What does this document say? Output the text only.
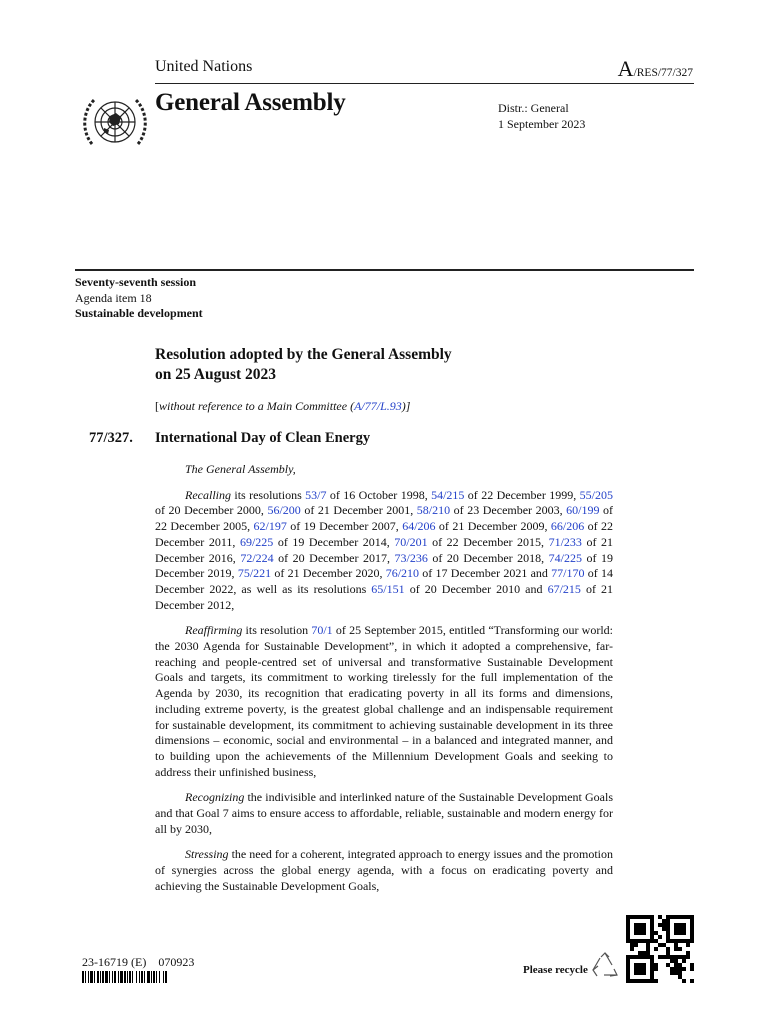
United Nations	A/RES/77/327
General Assembly	Distr.: General
1 September 2023
Seventy-seventh session
Agenda item 18
Sustainable development
Resolution adopted by the General Assembly
on 25 August 2023
[without reference to a Main Committee (A/77/L.93)]
77/327. International Day of Clean Energy

The General Assembly,

Recalling its resolutions 53/7 of 16 October 1998, 54/215 of 22 December 1999, 55/205 of 20 December 2000, 56/200 of 21 December 2001, 58/210 of 23 December 2003, 60/199 of 22 December 2005, 62/197 of 19 December 2007, 64/206 of 21 December 2009, 66/206 of 22 December 2011, 69/225 of 19 December 2014, 70/201 of 22 December 2015, 71/233 of 21 December 2016, 72/224 of 20 December 2017, 73/236 of 20 December 2018, 74/225 of 19 December 2019, 75/221 of 21 December 2020, 76/210 of 17 December 2021 and 77/170 of 14 December 2022, as well as its resolutions 65/151 of 20 December 2010 and 67/215 of 21 December 2012,

Reaffirming its resolution 70/1 of 25 September 2015, entitled “Transforming our world: the 2030 Agenda for Sustainable Development”, in which it adopted a comprehensive, far-reaching and people-centred set of universal and transformative Sustainable Development Goals and targets, its commitment to working tirelessly for the full implementation of the Agenda by 2030, its recognition that eradicating poverty in all its forms and dimensions, including extreme poverty, is the greatest global challenge and an indispensable requirement for sustainable development, its commitment to achieving sustainable development in its three dimensions – economic, social and environmental – in a balanced and integrated manner, and to building upon the achievements of the Millennium Development Goals and seeking to address their unfinished business,

Recognizing the indivisible and interlinked nature of the Sustainable Development Goals and that Goal 7 aims to ensure access to affordable, reliable, sustainable and modern energy for all by 2030,

Stressing the need for a coherent, integrated approach to energy issues and the promotion of synergies across the global energy agenda, with a focus on eradicating poverty and achieving the Sustainable Development Goals,

23-16719 (E)    070923
Please recycle
